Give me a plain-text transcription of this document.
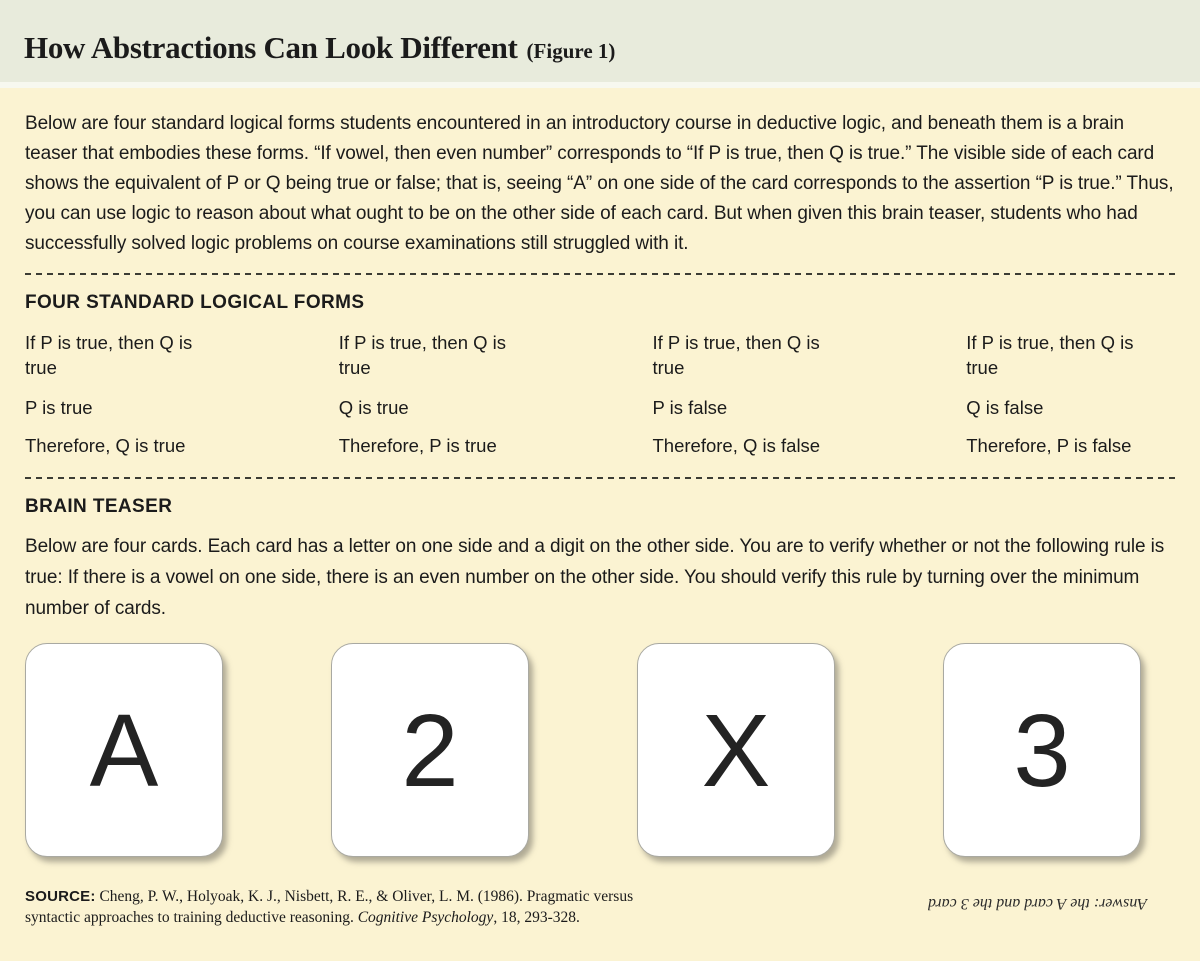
How Abstractions Can Look Different (Figure 1)

Below are four standard logical forms students encountered in an introductory course in deductive logic, and beneath them is a brain teaser that embodies these forms. “If vowel, then even number” corresponds to “If P is true, then Q is true.” The visible side of each card shows the equivalent of P or Q being true or false; that is, seeing “A” on one side of the card corresponds to the assertion “P is true.” Thus, you can use logic to reason about what ought to be on the other side of each card. But when given this brain teaser, students who had successfully solved logic problems on course examinations still struggled with it.

FOUR STANDARD LOGICAL FORMS
If P is true, then Q is true
P is true
Therefore, Q is true
If P is true, then Q is true
Q is true
Therefore, P is true
If P is true, then Q is true
P is false
Therefore, Q is false
If P is true, then Q is true
Q is false
Therefore, P is false
BRAIN TEASER

Below are four cards. Each card has a letter on one side and a digit on the other side. You are to verify whether or not the following rule is true: If there is a vowel on one side, there is an even number on the other side. You should verify this rule by turning over the minimum number of cards.

A 2 X 3

SOURCE: Cheng, P. W., Holyoak, K. J., Nisbett, R. E., & Oliver, L. M. (1986). Pragmatic versus syntactic approaches to training deductive reasoning. Cognitive Psychology, 18, 293-328.

Answer: the A card and the 3 card
